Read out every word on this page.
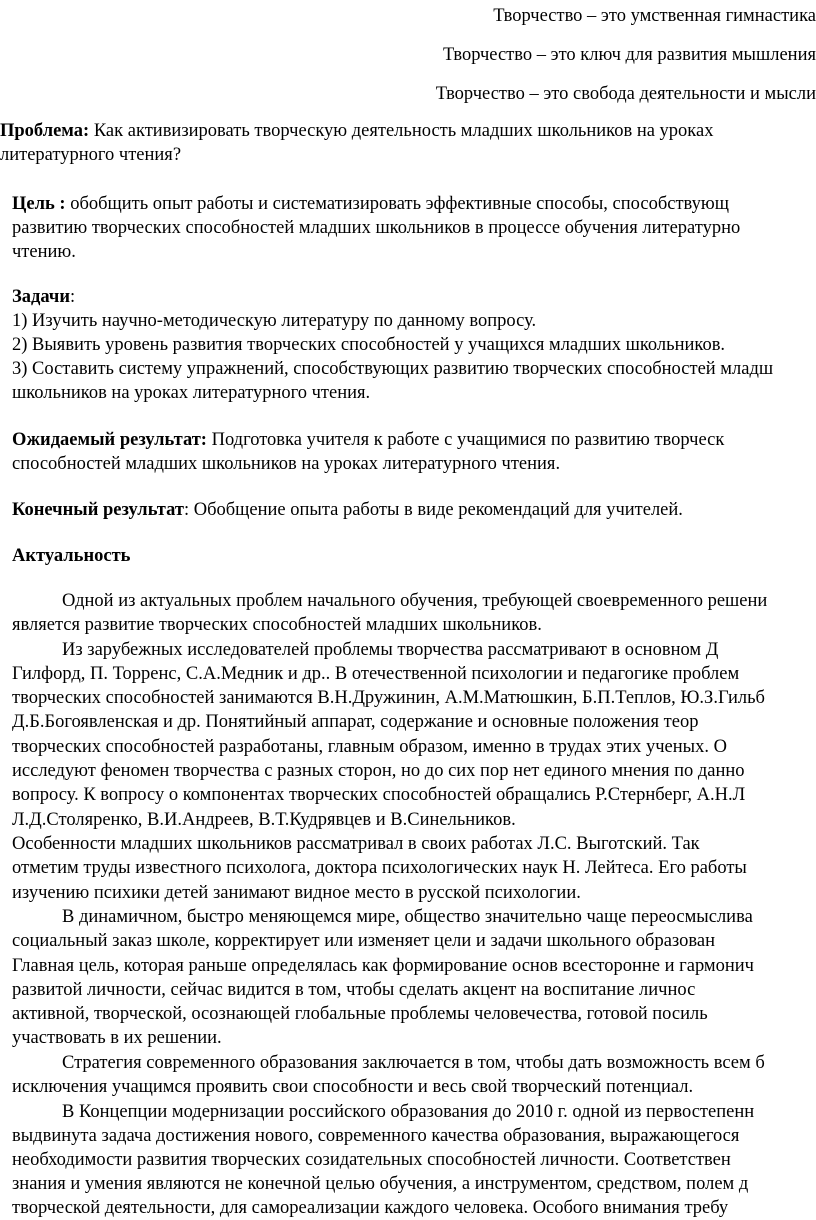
Творчество – это умственная гимнастика
Творчество – это ключ для развития мышления
Творчество – это свобода деятельности и мысли
Проблема: Как активизировать творческую деятельность младших школьников на уроках
литературного чтения?
Цель : обобщить опыт работы и систематизировать эффективные способы, способствующ
развитию творческих способностей младших школьников в процессе обучения литературно
чтению.
Задачи:
1) Изучить научно-методическую литературу по данному вопросу.
2) Выявить уровень развития творческих способностей у учащихся младших школьников.
3) Составить систему упражнений, способствующих развитию творческих способностей младш
школьников на уроках литературного чтения.
Ожидаемый результат: Подготовка учителя к работе с учащимися по развитию творческ
способностей младших школьников на уроках литературного чтения.
Конечный результат: Обобщение опыта работы в виде рекомендаций для учителей.
Актуальность
Одной из актуальных проблем начального обучения, требующей своевременного решени
является развитие творческих способностей младших школьников.
Из зарубежных исследователей проблемы творчества рассматривают в основном Д
Гилфорд, П. Торренс, С.А.Медник и др.. В отечественной психологии и педагогике проблем
творческих способностей занимаются В.Н.Дружинин, А.М.Матюшкин, Б.П.Теплов, Ю.З.Гильб
Д.Б.Богоявленская и др. Понятийный аппарат, содержание и основные положения теор
творческих способностей разработаны, главным образом, именно в трудах этих ученых. О
исследуют феномен творчества с разных сторон, но до сих пор нет единого мнения по данно
вопросу. К вопросу о компонентах творческих способностей обращались Р.Стернберг, А.Н.Л
Л.Д.Столяренко, В.И.Андреев, В.Т.Кудрявцев и В.Синельников.
Особенности младших школьников рассматривал в своих работах Л.С. Выготский. Так
отметим труды известного психолога, доктора психологических наук Н. Лейтеса. Его работы
изучению психики детей занимают видное место в русской психологии.
В динамичном, быстро меняющемся мире, общество значительно чаще переосмыслива
социальный заказ школе, корректирует или изменяет цели и задачи школьного образован
Главная цель, которая раньше определялась как формирование основ всесторонне и гармонич
развитой личности, сейчас видится в том, чтобы сделать акцент на воспитание личнос
активной, творческой, осознающей глобальные проблемы человечества, готовой посиль
участвовать в их решении.
Стратегия современного образования заключается в том, чтобы дать возможность всем б
исключения учащимся проявить свои способности и весь свой творческий потенциал.
В Концепции модернизации российского образования до 2010 г. одной из первостепенн
выдвинута задача достижения нового, современного качества образования, выражающегося
необходимости развития творческих созидательных способностей личности. Соответствен
знания и умения являются не конечной целью обучения, а инструментом, средством, полем д
творческой деятельности, для самореализации каждого человека. Особого внимания требу
